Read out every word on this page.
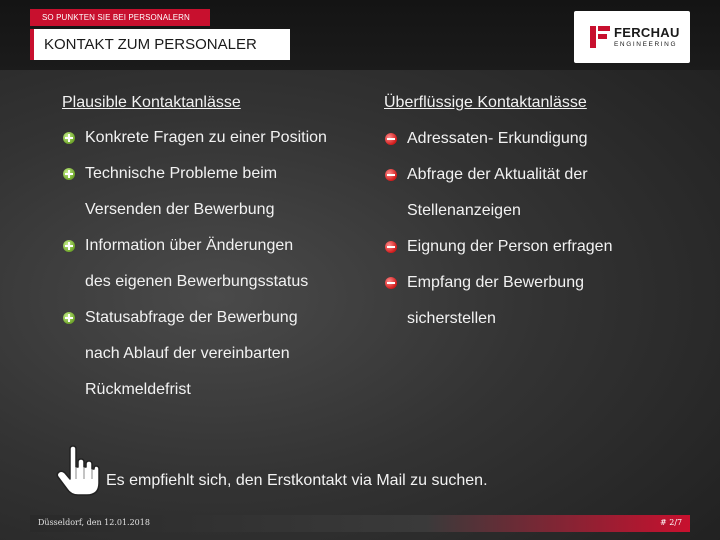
SO PUNKTEN SIE BEI PERSONALERN
KONTAKT ZUM PERSONALER
FERCHAU
ENGINEERING
Plausible Kontaktanlässe
Konkrete Fragen zu einer Position
Technische Probleme beim
Versenden der Bewerbung
Information über Änderungen
des eigenen Bewerbungsstatus
Statusabfrage der Bewerbung
nach Ablauf der vereinbarten
Rückmeldefrist
Überflüssige Kontaktanlässe
Adressaten- Erkundigung
Abfrage der Aktualität der
Stellenanzeigen
Eignung der Person erfragen
Empfang der Bewerbung
sicherstellen
Es empfiehlt sich, den Erstkontakt via Mail zu suchen.
Düsseldorf, den 12.01.2018	# 2/7
